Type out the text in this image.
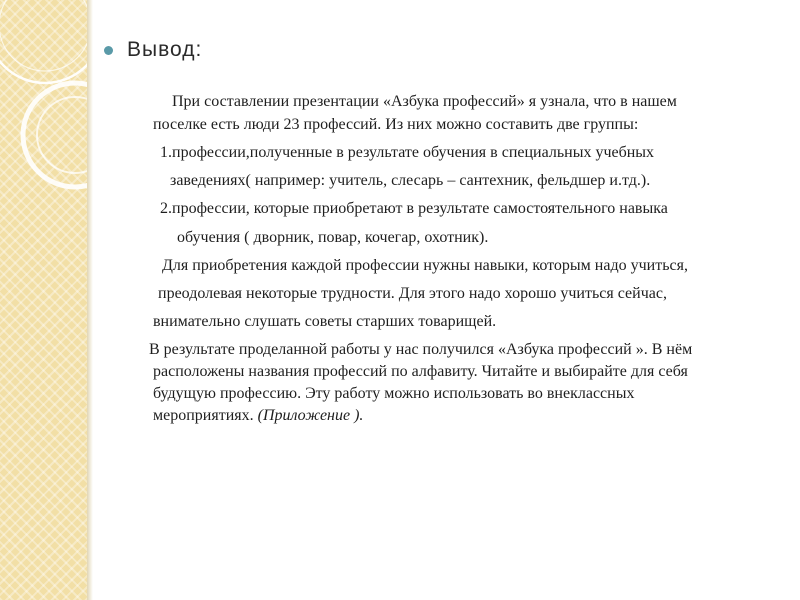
Вывод:
При составлении презентации «Азбука профессий» я узнала, что в нашем
поселке есть люди 23 профессий. Из них можно составить две группы:
1.профессии,полученные в результате обучения в специальных учебных
заведениях( например: учитель, слесарь – сантехник, фельдшер и.тд.).
2.профессии, которые приобретают в результате самостоятельного навыка
обучения ( дворник, повар, кочегар, охотник).
Для приобретения каждой профессии нужны навыки, которым надо учиться,
преодолевая некоторые трудности. Для этого надо хорошо учиться сейчас,
внимательно слушать советы старших товарищей.
В результате проделанной работы у нас получился «Азбука профессий ». В нём
расположены названия профессий по алфавиту. Читайте и выбирайте для себя
будущую профессию. Эту работу можно использовать во внеклассных
мероприятиях. (Приложение ).
